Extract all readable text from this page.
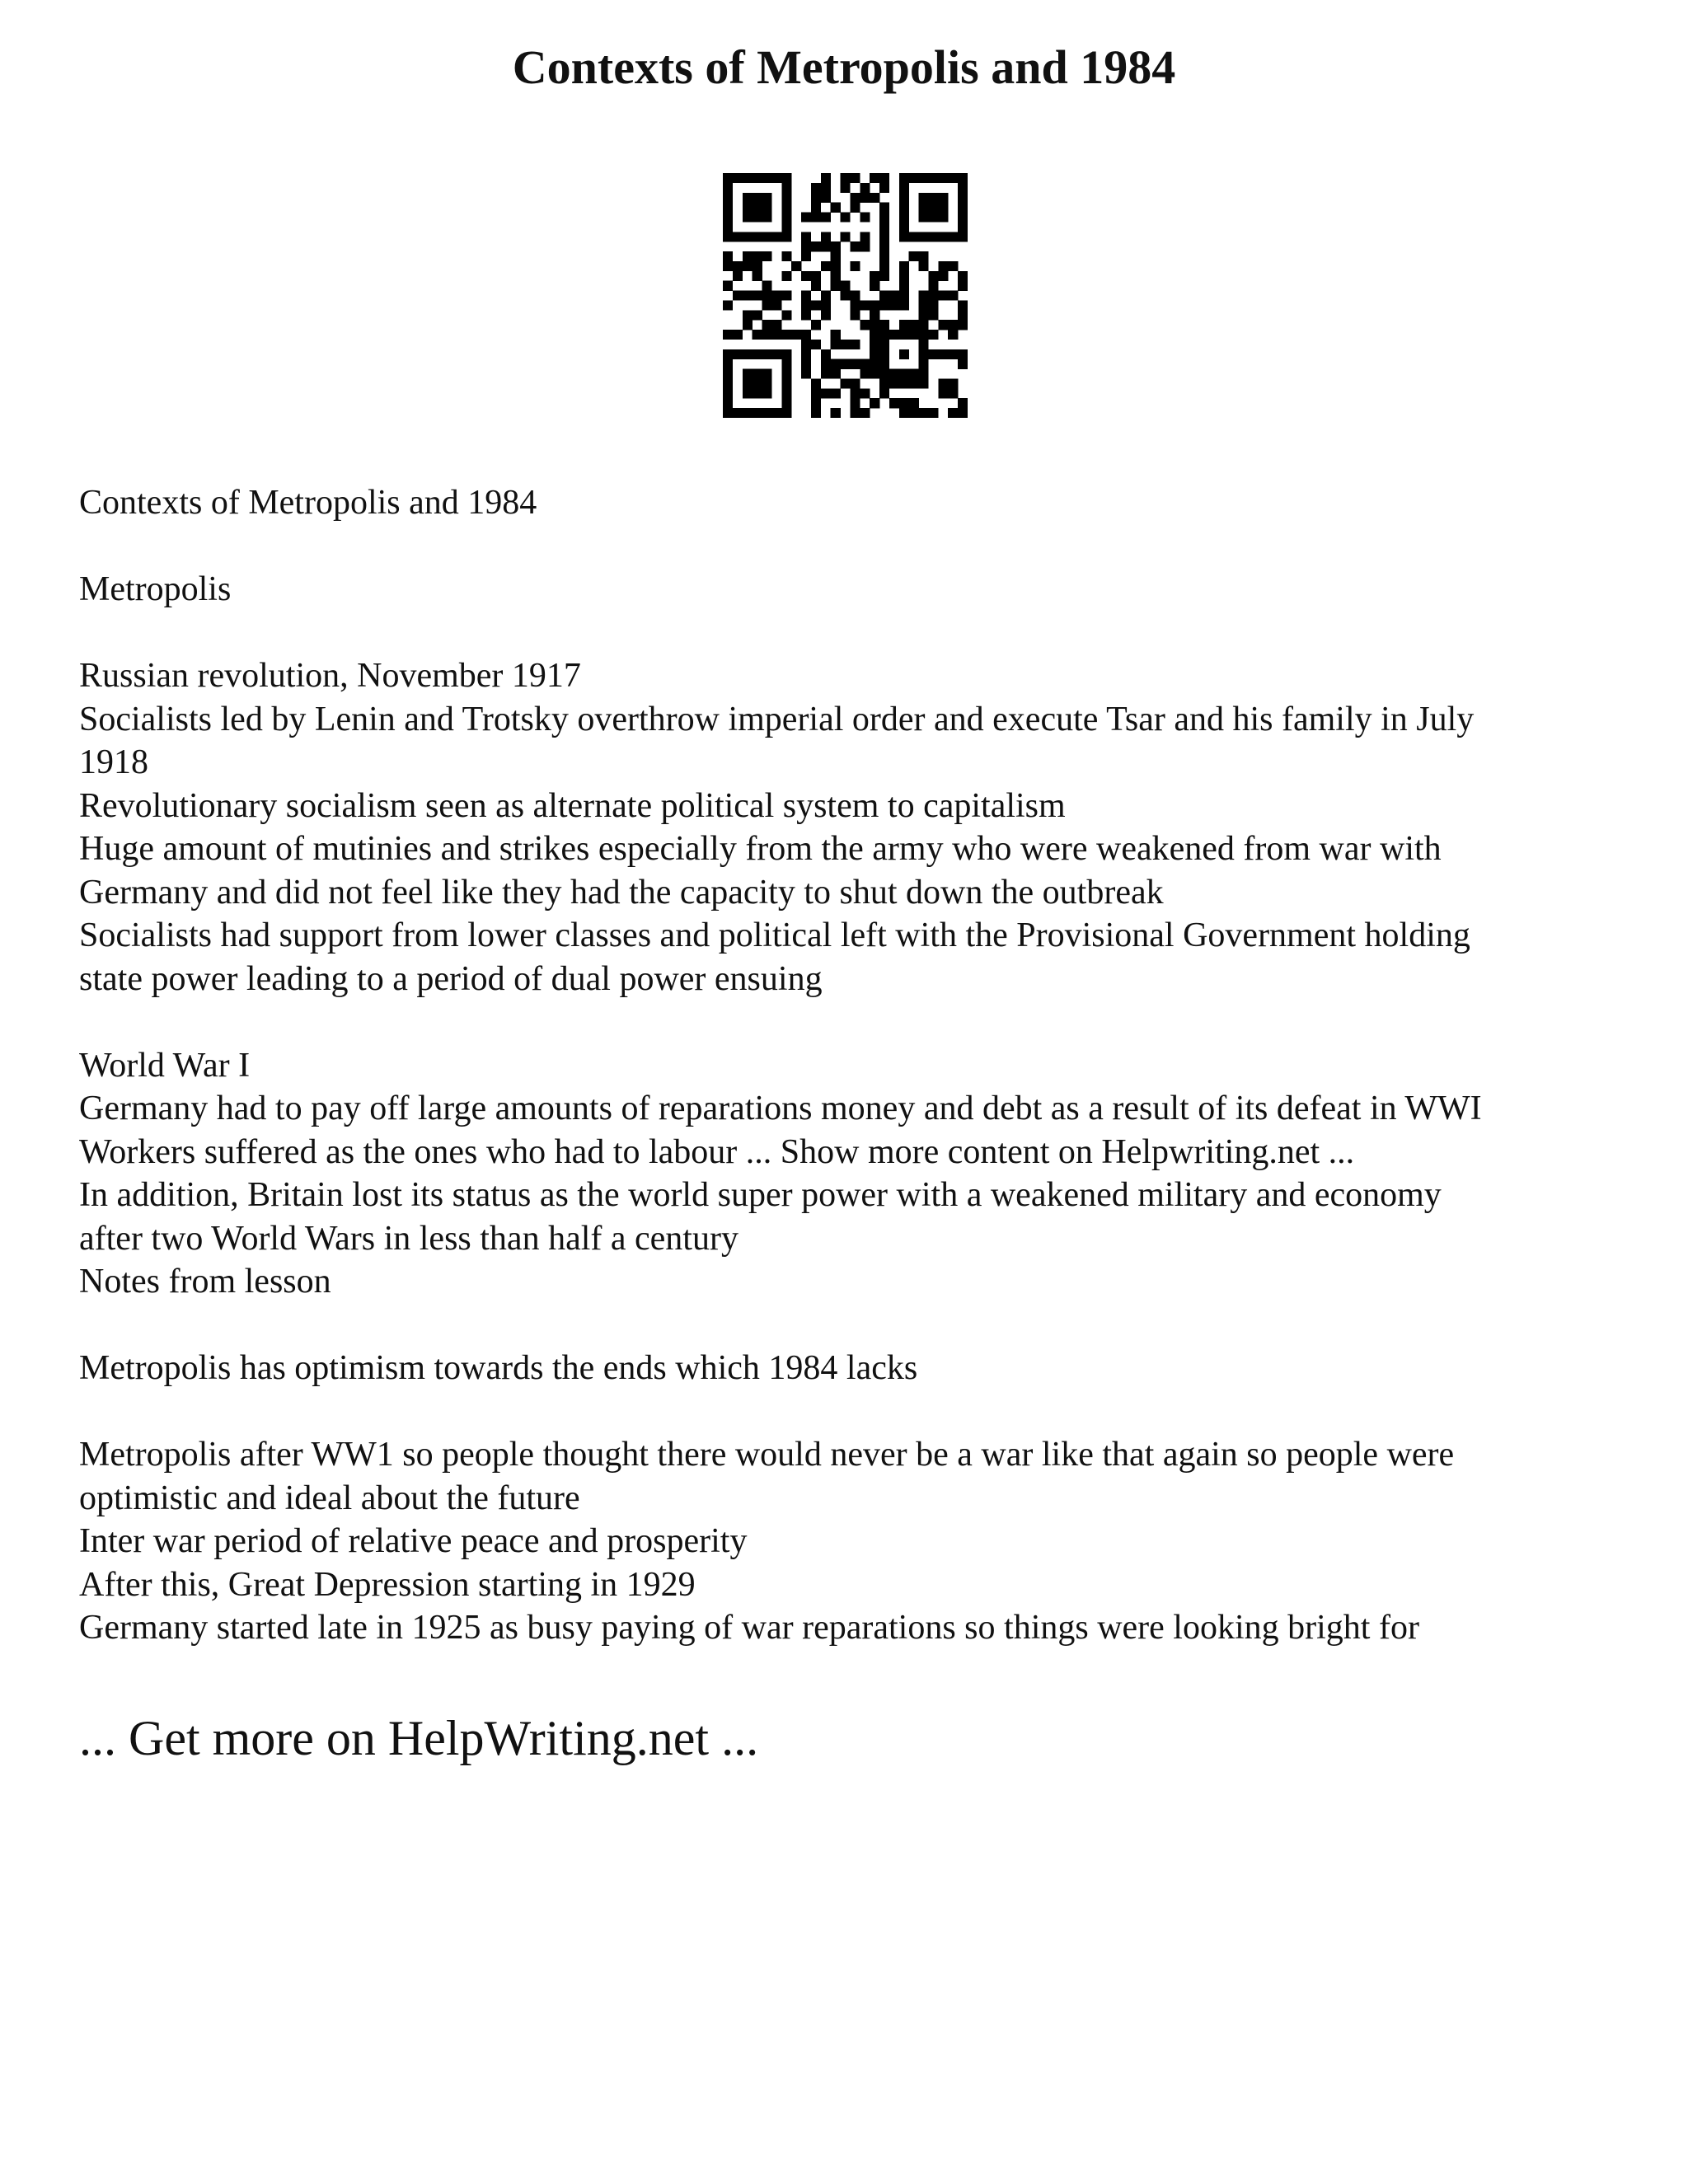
Contexts of Metropolis and 1984
Contexts of Metropolis and 1984
Metropolis
Russian revolution, November 1917
Socialists led by Lenin and Trotsky overthrow imperial order and execute Tsar and his family in July
1918
Revolutionary socialism seen as alternate political system to capitalism
Huge amount of mutinies and strikes especially from the army who were weakened from war with
Germany and did not feel like they had the capacity to shut down the outbreak
Socialists had support from lower classes and political left with the Provisional Government holding
state power leading to a period of dual power ensuing
World War I
Germany had to pay off large amounts of reparations money and debt as a result of its defeat in WWI
Workers suffered as the ones who had to labour ... Show more content on Helpwriting.net ...
In addition, Britain lost its status as the world super power with a weakened military and economy
after two World Wars in less than half a century
Notes from lesson
Metropolis has optimism towards the ends which 1984 lacks
Metropolis after WW1 so people thought there would never be a war like that again so people were
optimistic and ideal about the future
Inter war period of relative peace and prosperity
After this, Great Depression starting in 1929
Germany started late in 1925 as busy paying of war reparations so things were looking bright for
... Get more on HelpWriting.net ...
